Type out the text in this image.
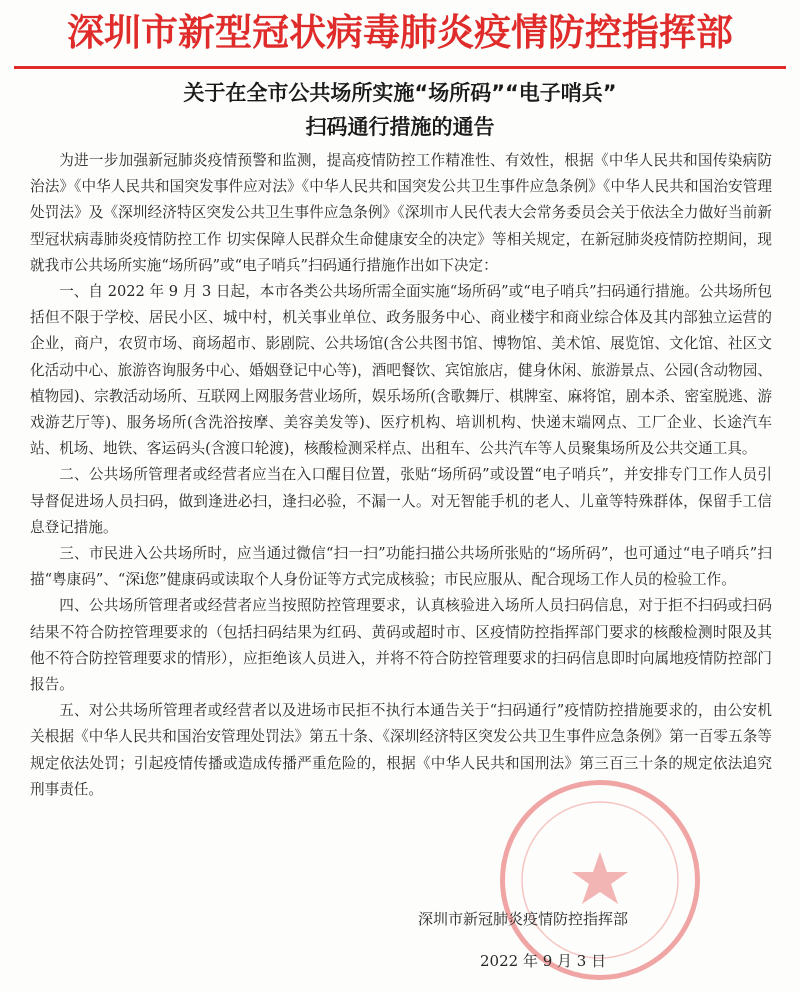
深圳市新型冠状病毒肺炎疫情防控指挥部
关于在全市公共场所实施“场所码”“电子哨兵”
扫码通行措施的通告

为进一步加强新冠肺炎疫情预警和监测，提高疫情防控工作精准性、有效性，根据《中华人民共和国传染病防治法》《中华人民共和国突发事件应对法》《中华人民共和国突发公共卫生事件应急条例》《中华人民共和国治安管理处罚法》及《深圳经济特区突发公共卫生事件应急条例》《深圳市人民代表大会常务委员会关于依法全力做好当前新型冠状病毒肺炎疫情防控工作 切实保障人民群众生命健康安全的决定》等相关规定，在新冠肺炎疫情防控期间，现就我市公共场所实施“场所码”或“电子哨兵”扫码通行措施作出如下决定：

一、自 2022 年 9 月 3 日起，本市各类公共场所需全面实施“场所码”或“电子哨兵”扫码通行措施。公共场所包括但不限于学校、居民小区、城中村，机关事业单位、政务服务中心、商业楼宇和商业综合体及其内部独立运营的企业，商户，农贸市场、商场超市、影剧院、公共场馆(含公共图书馆、博物馆、美术馆、展览馆、文化馆、社区文化活动中心、旅游咨询服务中心、婚姻登记中心等)，酒吧餐饮、宾馆旅店，健身休闲、旅游景点、公园(含动物园、植物园)、宗教活动场所、互联网上网服务营业场所，娱乐场所(含歌舞厅、棋牌室、麻将馆，剧本杀、密室脱逃、游戏游艺厅等)、服务场所(含洗浴按摩、美容美发等)、医疗机构、培训机构、快递末端网点、工厂企业、长途汽车站、机场、地铁、客运码头(含渡口轮渡)，核酸检测采样点、出租车、公共汽车等人员聚集场所及公共交通工具。

二、公共场所管理者或经营者应当在入口醒目位置，张贴“场所码”或设置“电子哨兵”，并安排专门工作人员引导督促进场人员扫码，做到逢进必扫，逢扫必验，不漏一人。对无智能手机的老人、儿童等特殊群体，保留手工信息登记措施。

三、市民进入公共场所时，应当通过微信“扫一扫”功能扫描公共场所张贴的“场所码”，也可通过“电子哨兵”扫描“粤康码”、“深i您”健康码或读取个人身份证等方式完成核验；市民应服从、配合现场工作人员的检验工作。

四、公共场所管理者或经营者应当按照防控管理要求，认真核验进入场所人员扫码信息，对于拒不扫码或扫码结果不符合防控管理要求的（包括扫码结果为红码、黄码或超时市、区疫情防控指挥部门要求的核酸检测时限及其他不符合防控管理要求的情形），应拒绝该人员进入，并将不符合防控管理要求的扫码信息即时向属地疫情防控部门报告。

五、对公共场所管理者或经营者以及进场市民拒不执行本通告关于“扫码通行”疫情防控措施要求的，由公安机关根据《中华人民共和国治安管理处罚法》第五十条、《深圳经济特区突发公共卫生事件应急条例》第一百零五条等规定依法处罚；引起疫情传播或造成传播严重危险的，根据《中华人民共和国刑法》第三百三十条的规定依法追究刑事责任。

深圳市新冠肺炎疫情防控指挥部
2022 年 9 月 3 日
